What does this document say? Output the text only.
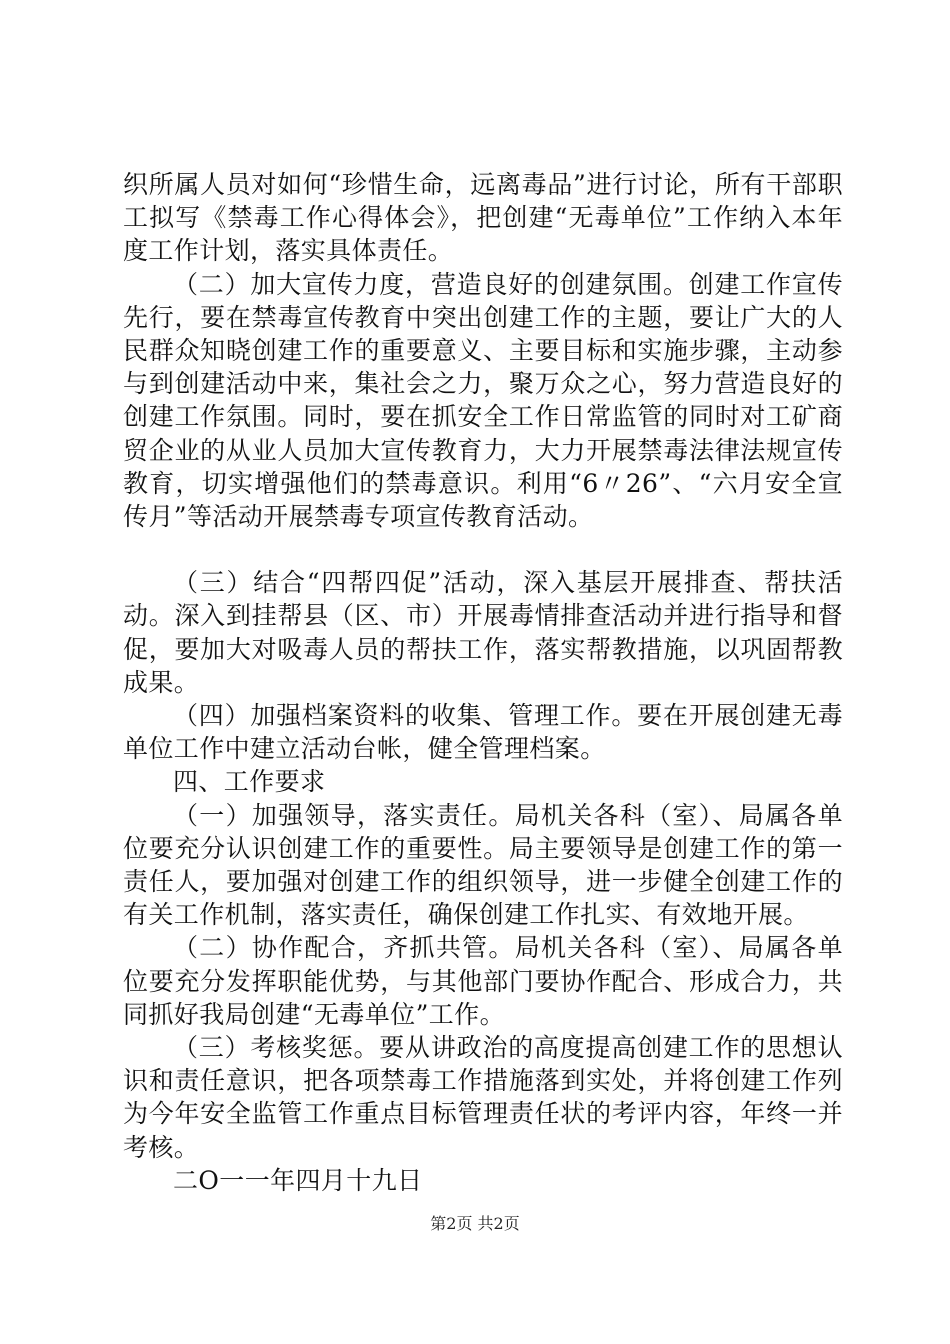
织所属人员对如何“珍惜生命，远离毒品”进行讨论，所有干部职工拟写《禁毒工作心得体会》，把创建“无毒单位”工作纳入本年度工作计划，落实具体责任。

（二）加大宣传力度，营造良好的创建氛围。创建工作宣传先行，要在禁毒宣传教育中突出创建工作的主题，要让广大的人民群众知晓创建工作的重要意义、主要目标和实施步骤，主动参与到创建活动中来，集社会之力，聚万众之心，努力营造良好的创建工作氛围。同时，要在抓安全工作日常监管的同时对工矿商贸企业的从业人员加大宣传教育力，大力开展禁毒法律法规宣传教育，切实增强他们的禁毒意识。利用“6〃26”、“六月安全宣传月”等活动开展禁毒专项宣传教育活动。

（三）结合“四帮四促”活动，深入基层开展排查、帮扶活动。深入到挂帮县（区、市）开展毒情排查活动并进行指导和督促，要加大对吸毒人员的帮扶工作，落实帮教措施，以巩固帮教成果。

（四）加强档案资料的收集、管理工作。要在开展创建无毒单位工作中建立活动台帐，健全管理档案。

四、工作要求

（一）加强领导，落实责任。局机关各科（室）、局属各单位要充分认识创建工作的重要性。局主要领导是创建工作的第一责任人，要加强对创建工作的组织领导，进一步健全创建工作的有关工作机制，落实责任，确保创建工作扎实、有效地开展。

（二）协作配合，齐抓共管。局机关各科（室）、局属各单位要充分发挥职能优势，与其他部门要协作配合、形成合力，共同抓好我局创建“无毒单位”工作。

（三）考核奖惩。要从讲政治的高度提高创建工作的思想认识和责任意识，把各项禁毒工作措施落到实处，并将创建工作列为今年安全监管工作重点目标管理责任状的考评内容，年终一并考核。

二O一一年四月十九日

第2页 共2页
